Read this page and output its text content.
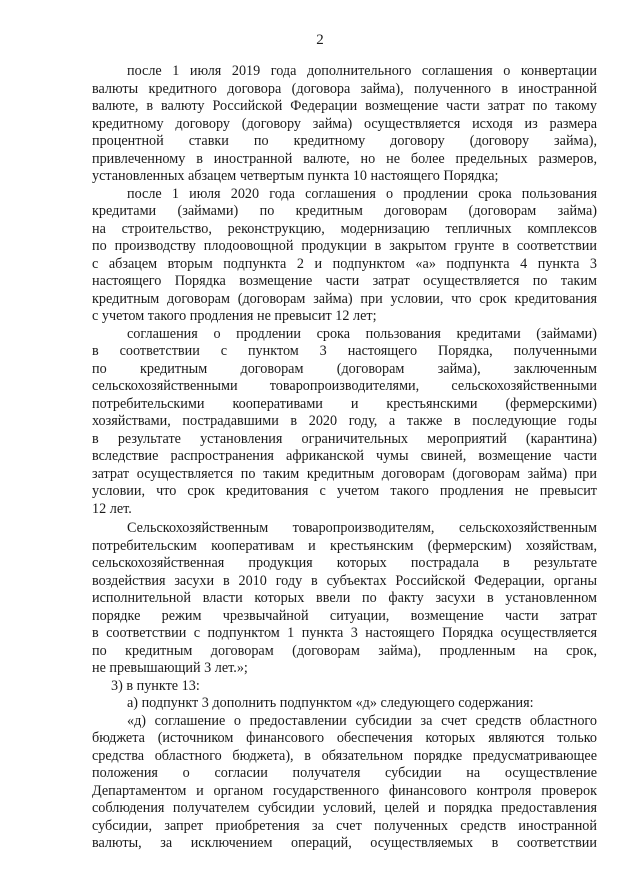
2
после 1 июля 2019 года дополнительного соглашения о конвертации
валюты кредитного договора (договора займа), полученного в иностранной
валюте, в валюту Российской Федерации возмещение части затрат по такому
кредитному договору (договору займа) осуществляется исходя из размера
процентной ставки по кредитному договору (договору займа),
привлеченному в иностранной валюте, но не более предельных размеров,
установленных абзацем четвертым пункта 10 настоящего Порядка;
после 1 июля 2020 года соглашения о продлении срока пользования
кредитами (займами) по кредитным договорам (договорам займа)
на строительство, реконструкцию, модернизацию тепличных комплексов
по производству плодоовощной продукции в закрытом грунте в соответствии
с абзацем вторым подпункта 2 и подпунктом «а» подпункта 4 пункта 3
настоящего Порядка возмещение части затрат осуществляется по таким
кредитным договорам (договорам займа) при условии, что срок кредитования
с учетом такого продления не превысит 12 лет;
соглашения о продлении срока пользования кредитами (займами)
в соответствии с пунктом 3 настоящего Порядка, полученными
по кредитным договорам (договорам займа), заключенным
сельскохозяйственными товаропроизводителями, сельскохозяйственными
потребительскими кооперативами и крестьянскими (фермерскими)
хозяйствами, пострадавшими в 2020 году, а также в последующие годы
в результате установления ограничительных мероприятий (карантина)
вследствие распространения африканской чумы свиней, возмещение части
затрат осуществляется по таким кредитным договорам (договорам займа) при
условии, что срок кредитования с учетом такого продления не превысит
12 лет.
Сельскохозяйственным товаропроизводителям, сельскохозяйственным
потребительским кооперативам и крестьянским (фермерским) хозяйствам,
сельскохозяйственная продукция которых пострадала в результате
воздействия засухи в 2010 году в субъектах Российской Федерации, органы
исполнительной власти которых ввели по факту засухи в установленном
порядке режим чрезвычайной ситуации, возмещение части затрат
в соответствии с подпунктом 1 пункта 3 настоящего Порядка осуществляется
по кредитным договорам (договорам займа), продленным на срок,
не превышающий 3 лет.»;
3) в пункте 13:
а) подпункт 3 дополнить подпунктом «д» следующего содержания:
«д) соглашение о предоставлении субсидии за счет средств областного
бюджета (источником финансового обеспечения которых являются только
средства областного бюджета), в обязательном порядке предусматривающее
положения о согласии получателя субсидии на осуществление
Департаментом и органом государственного финансового контроля проверок
соблюдения получателем субсидии условий, целей и порядка предоставления
субсидии, запрет приобретения за счет полученных средств иностранной
валюты, за исключением операций, осуществляемых в соответствии
